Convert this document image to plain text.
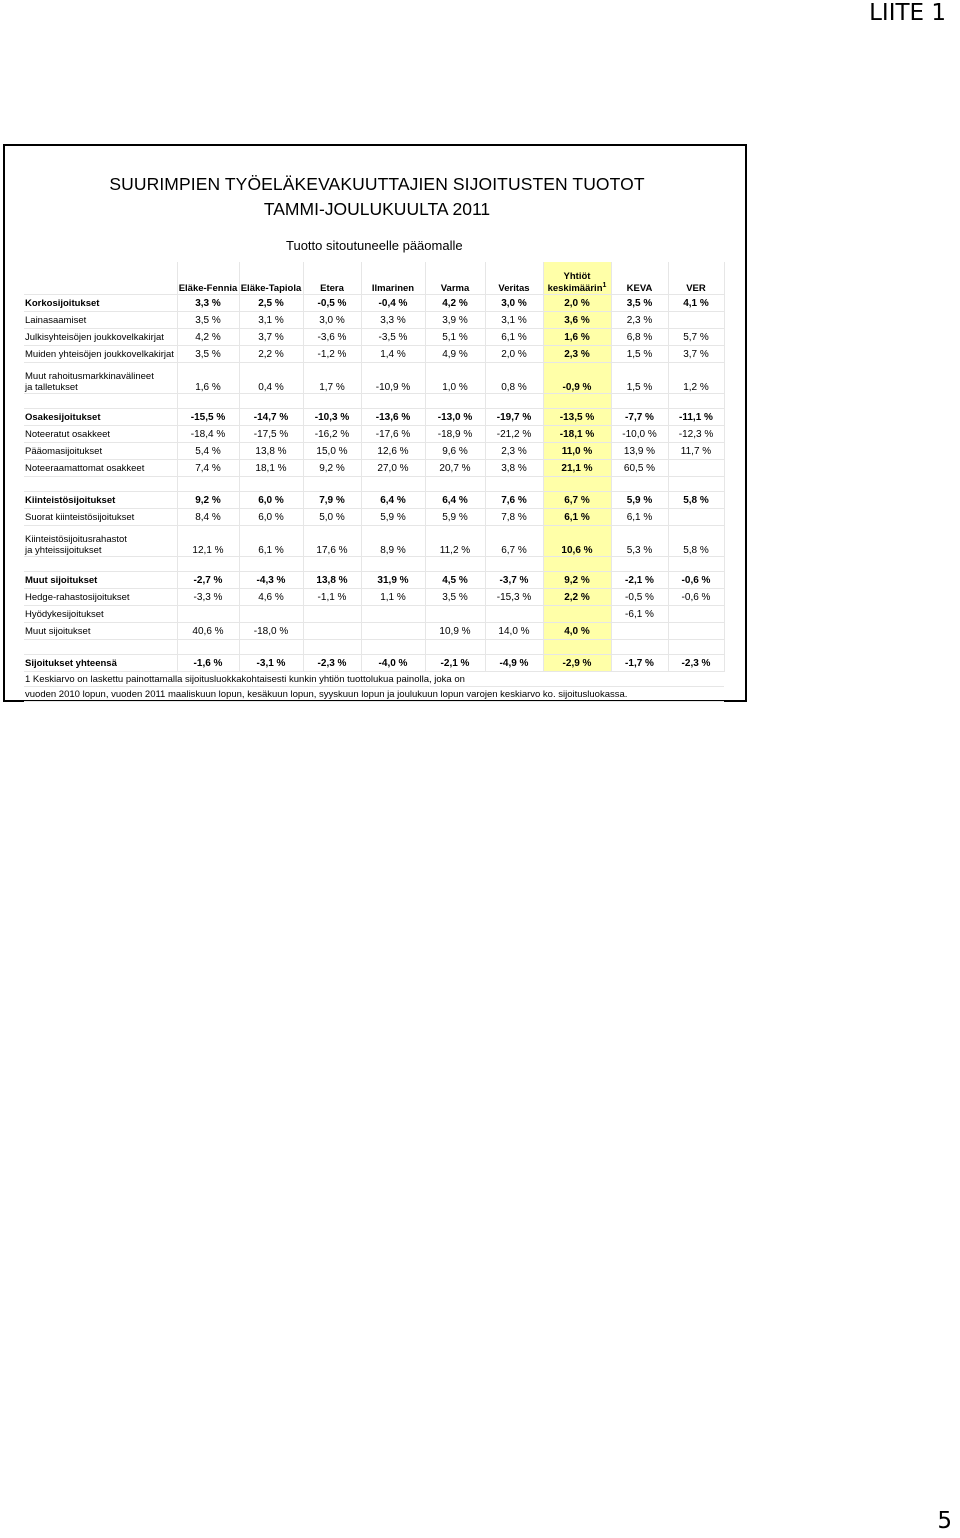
LIITE 1
SUURIMPIEN TYÖELÄKEVAKUUTTAJIEN SIJOITUSTEN TUOTOT
TAMMI-JOULUKUULTA 2011
Tuotto sitoutuneelle pääomalle
	Eläke-Fennia	Eläke-Tapiola	Etera	Ilmarinen	Varma	Veritas	Yhtiöt
keskimäärin$^1$	KEVA	VER
Korkosijoitukset	3,3 %	2,5 %	-0,5 %	-0,4 %	4,2 %	3,0 %	2,0 %	3,5 %	4,1 %
Lainasaamiset	3,5 %	3,1 %	3,0 %	3,3 %	3,9 %	3,1 %	3,6 %	2,3 %	
Julkisyhteisöjen joukkovelkakirjat	4,2 %	3,7 %	-3,6 %	-3,5 %	5,1 %	6,1 %	1,6 %	6,8 %	5,7 %
Muiden yhteisöjen joukkovelkakirjat	3,5 %	2,2 %	-1,2 %	1,4 %	4,9 %	2,0 %	2,3 %	1,5 %	3,7 %
Muut rahoitusmarkkinavälineet
ja talletukset	1,6 %	0,4 %	1,7 %	-10,9 %	1,0 %	0,8 %	-0,9 %	1,5 %	1,2 %

Osakesijoitukset	-15,5 %	-14,7 %	-10,3 %	-13,6 %	-13,0 %	-19,7 %	-13,5 %	-7,7 %	-11,1 %
Noteeratut osakkeet	-18,4 %	-17,5 %	-16,2 %	-17,6 %	-18,9 %	-21,2 %	-18,1 %	-10,0 %	-12,3 %
Pääomasijoitukset	5,4 %	13,8 %	15,0 %	12,6 %	9,6 %	2,3 %	11,0 %	13,9 %	11,7 %
Noteeraamattomat osakkeet	7,4 %	18,1 %	9,2 %	27,0 %	20,7 %	3,8 %	21,1 %	60,5 %	

Kiinteistösijoitukset	9,2 %	6,0 %	7,9 %	6,4 %	6,4 %	7,6 %	6,7 %	5,9 %	5,8 %
Suorat kiinteistösijoitukset	8,4 %	6,0 %	5,0 %	5,9 %	5,9 %	7,8 %	6,1 %	6,1 %	
Kiinteistösijoitusrahastot
ja yhteissijoitukset	12,1 %	6,1 %	17,6 %	8,9 %	11,2 %	6,7 %	10,6 %	5,3 %	5,8 %

Muut sijoitukset	-2,7 %	-4,3 %	13,8 %	31,9 %	4,5 %	-3,7 %	9,2 %	-2,1 %	-0,6 %
Hedge-rahastosijoitukset	-3,3 %	4,6 %	-1,1 %	1,1 %	3,5 %	-15,3 %	2,2 %	-0,5 %	-0,6 %
Hyödykesijoitukset								-6,1 %	
Muut sijoitukset	40,6 %	-18,0 %			10,9 %	14,0 %	4,0 %		

Sijoitukset yhteensä	-1,6 %	-3,1 %	-2,3 %	-4,0 %	-2,1 %	-4,9 %	-2,9 %	-1,7 %	-2,3 %
1 Keskiarvo on laskettu painottamalla sijoitusluokkakohtaisesti kunkin yhtiön tuottolukua painolla, joka on									
vuoden 2010 lopun, vuoden 2011 maaliskuun lopun, kesäkuun lopun, syyskuun lopun ja joulukuun lopun varojen keskiarvo ko. sijoitusluokassa.									
5
